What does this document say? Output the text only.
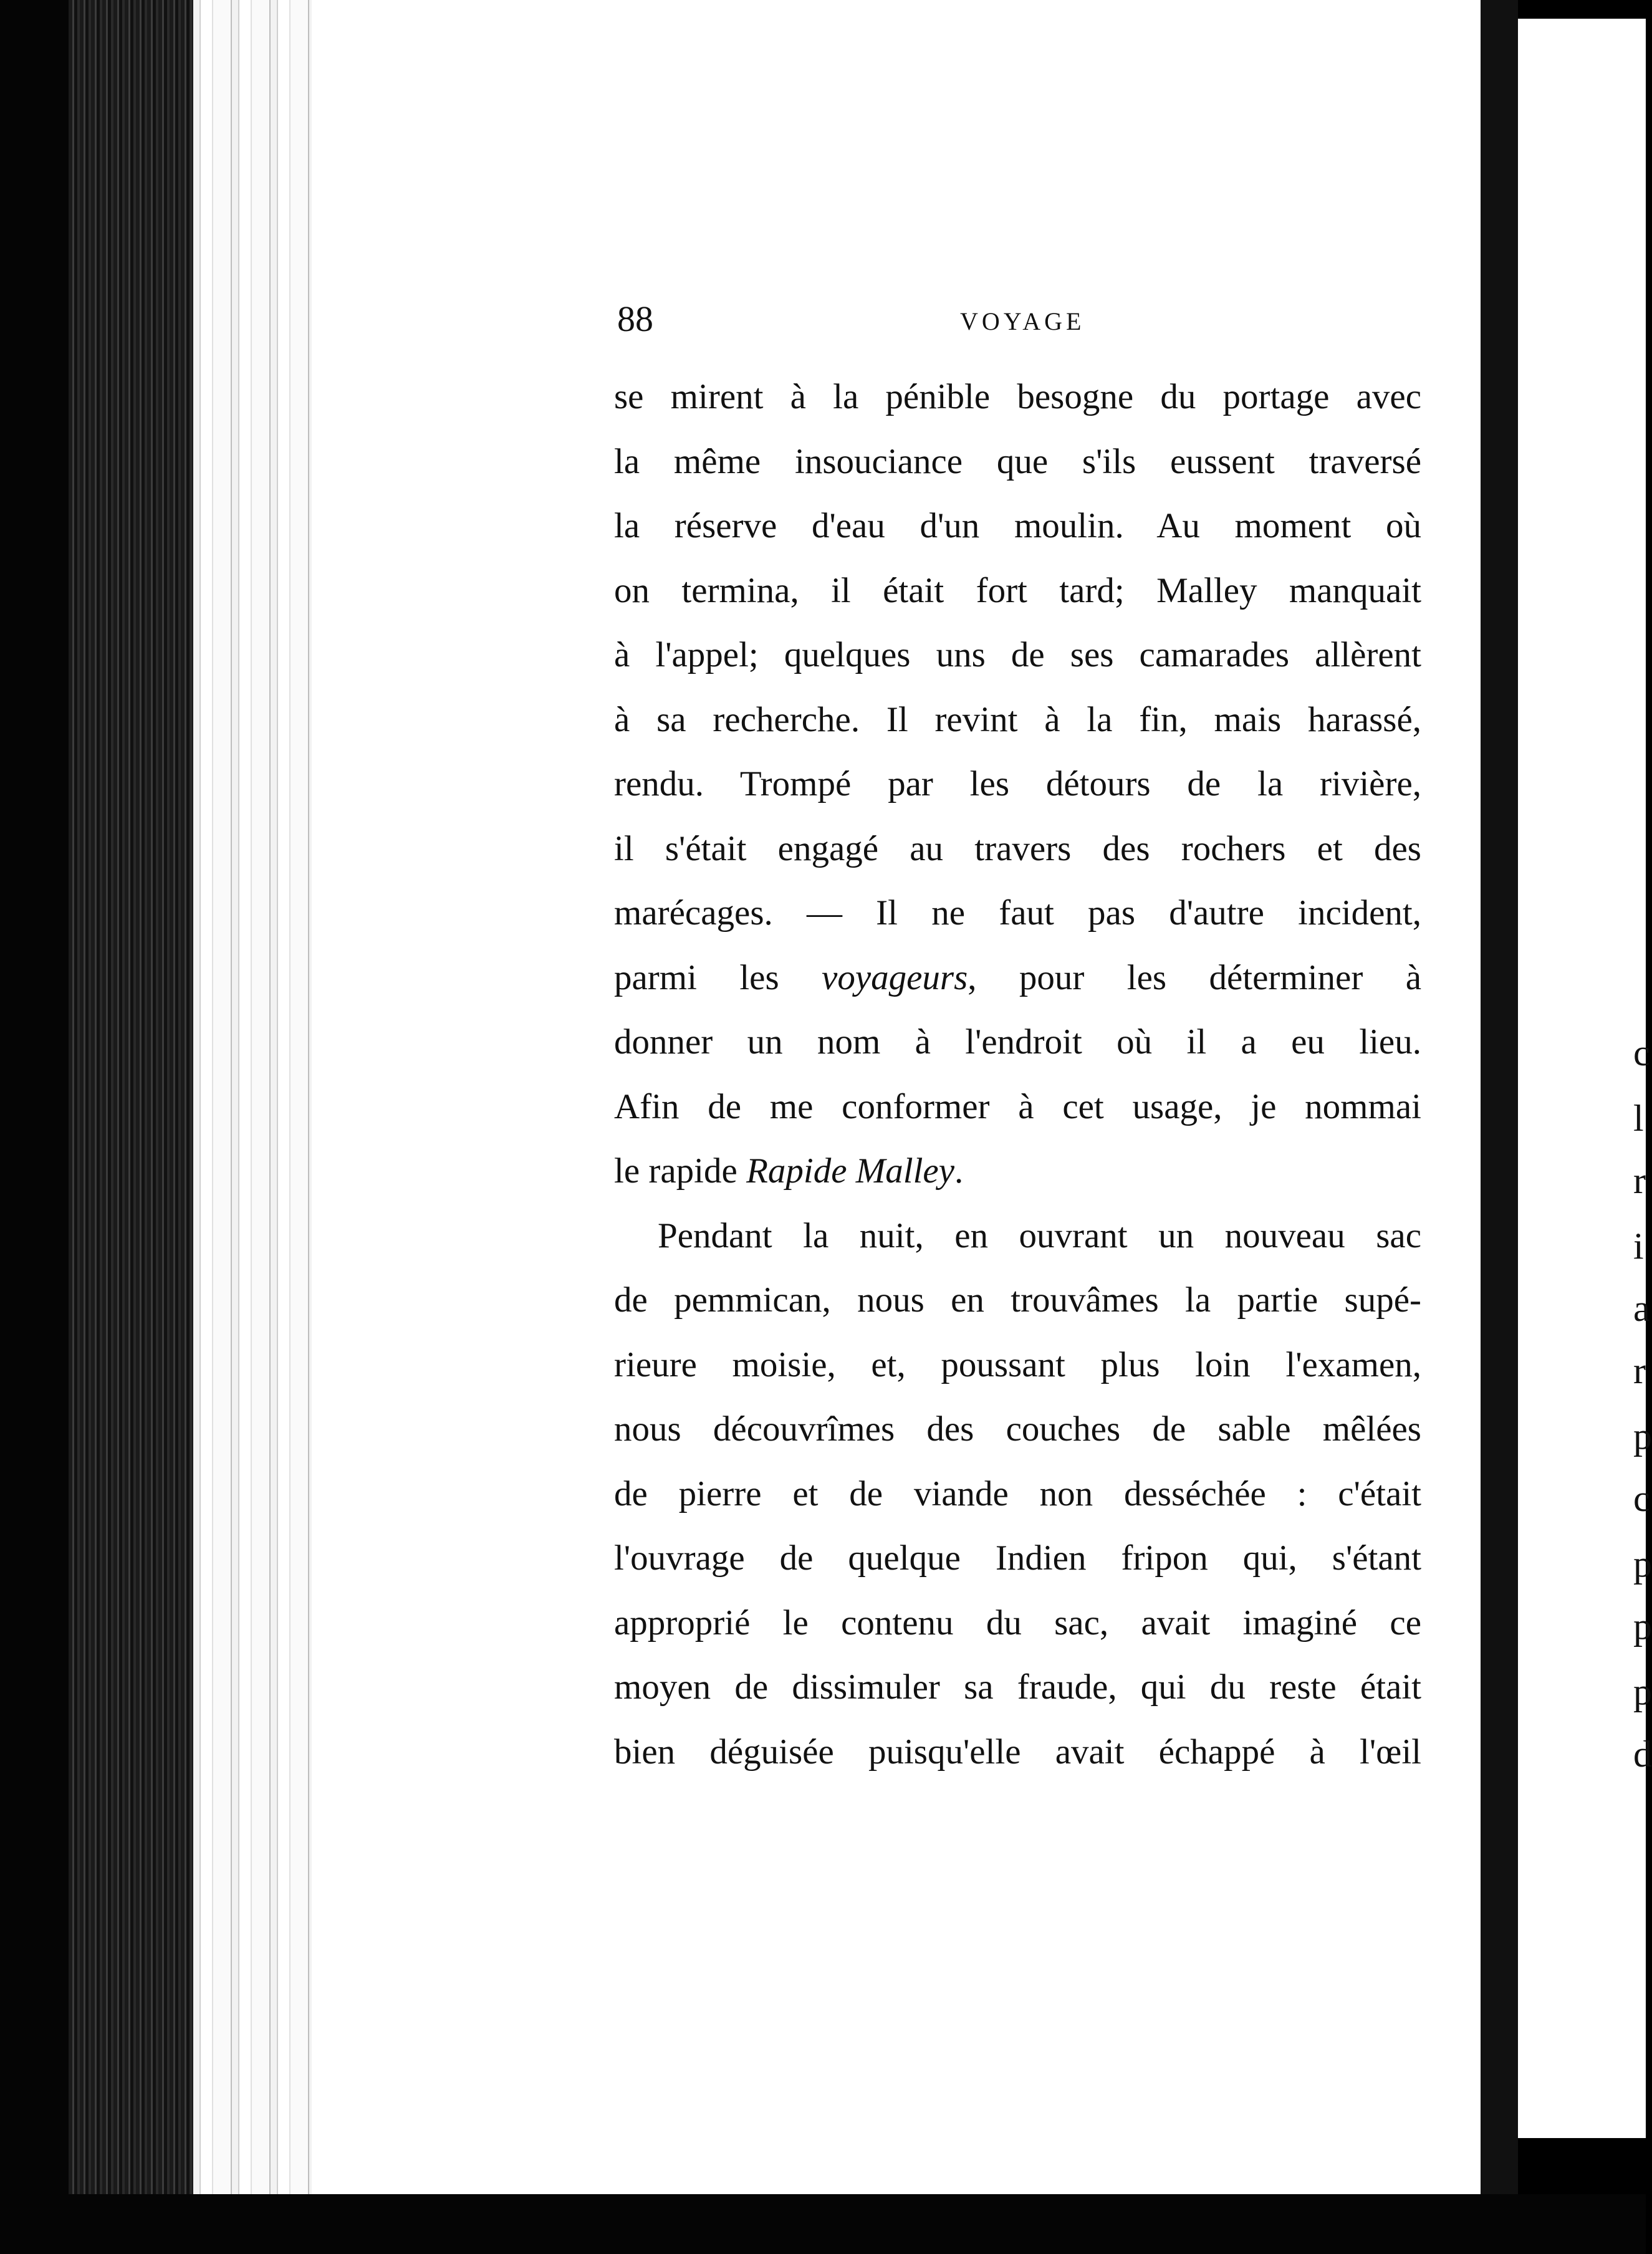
88	VOYAGE
se mirent à la pénible besogne du portage avec
la même insouciance que s'ils eussent traversé
la réserve d'eau d'un moulin. Au moment où
on termina, il était fort tard; Malley manquait
à l'appel; quelques uns de ses camarades allèrent
à sa recherche. Il revint à la fin, mais harassé,
rendu. Trompé par les détours de la rivière,
il s'était engagé au travers des rochers et des
marécages. — Il ne faut pas d'autre incident,
parmi les voyageurs, pour les déterminer à
donner un nom à l'endroit où il a eu lieu.
Afin de me conformer à cet usage, je nommai
le rapide Rapide Malley.
Pendant la nuit, en ouvrant un nouveau sac
de pemmican, nous en trouvâmes la partie supé-
rieure moisie, et, poussant plus loin l'examen,
nous découvrîmes des couches de sable mêlées
de pierre et de viande non desséchée : c'était
l'ouvrage de quelque Indien fripon qui, s'étant
approprié le contenu du sac, avait imaginé ce
moyen de dissimuler sa fraude, qui du reste était
bien déguisée puisqu'elle avait échappé à l'œil
c
l
r
i
a
r
p
c
p
p
p
d
